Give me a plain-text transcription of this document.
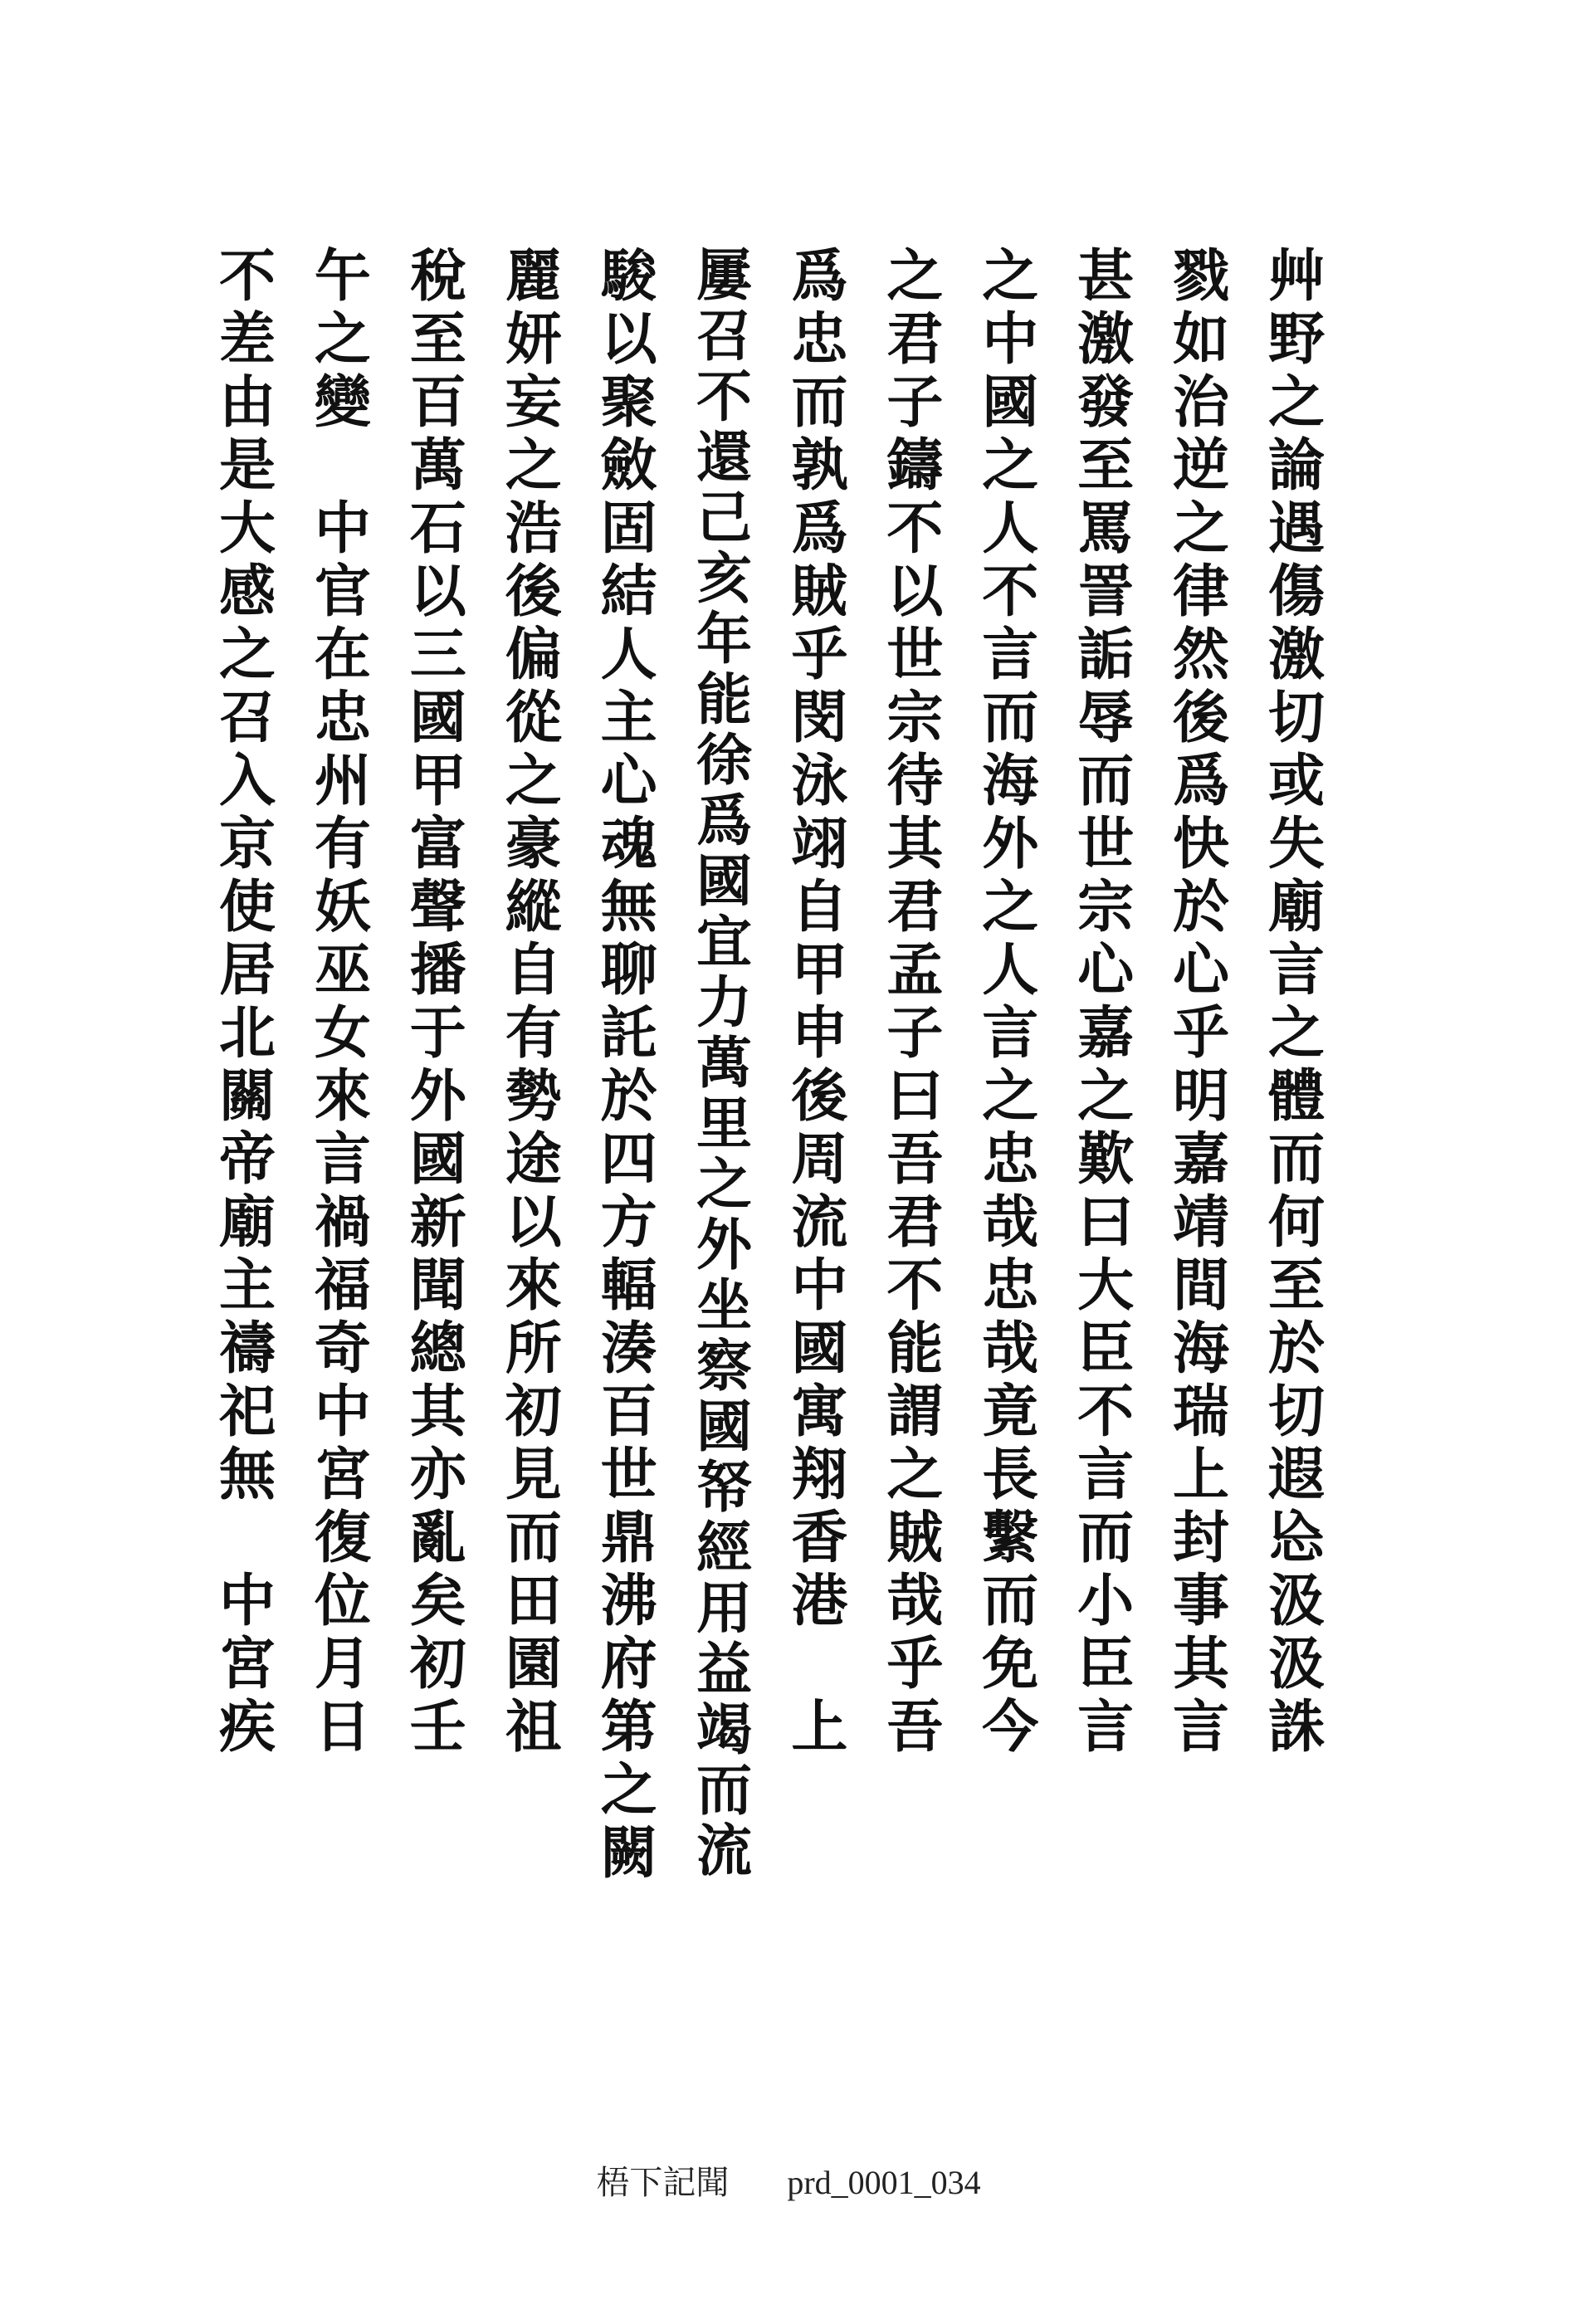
艸
野
之
論
遇
傷
激
切
或
失
廟
言
之
體
而
何
至
於
切
遐
㤀
汲
汲
誅
戮
如
治
逆
之
律
然
後
爲
快
於
心
乎
明
嘉
靖
間
海
瑞
上
封
事
其
言
甚
激
發
至
罵
詈
詬
辱
而
世
宗
心
嘉
之
歎
曰
大
臣
不
言
而
小
臣
言
之
中
國
之
人
不
言
而
海
外
之
人
言
之
忠
哉
忠
哉
竟
長
繫
而
免
今
之
君
子
鑄
不
以
世
宗
待
其
君
孟
子
曰
吾
君
不
能
謂
之
賊
哉
乎
吾
爲
忠
而
孰
爲
賊
乎
閔
泳
翊
自
甲
申
後
周
流
中
國
寓
翔
香
港

上
屢
召
不
還
己
亥
年
能
徐
爲
國
宜
力
萬
里
之
外
坐
察
國
帑
經
用
益
竭
而
流
駿
以
聚
斂
固
結
人
主
心
魂
無
聊
託
於
四
方
輻
湊
百
世
鼎
沸
府
第
之
闕
麗
妍
妄
之
浩
後
偏
從
之
豪
縱
自
有
勢
途
以
來
所
初
見
而
田
園
祖
稅
至
百
萬
石
以
三
國
甲
富
聲
播
于
外
國
新
聞
總
其
亦
亂
矣
初
壬
午
之
變

中
官
在
忠
州
有
妖
巫
女
來
言
禍
福
奇
中
宮
復
位
月
日
不
差
由
是
大
感
之
召
入
京
使
居
北
關
帝
廟
主
禱
祀
無

中
宮
疾
梧下記聞 prd_0001_034
